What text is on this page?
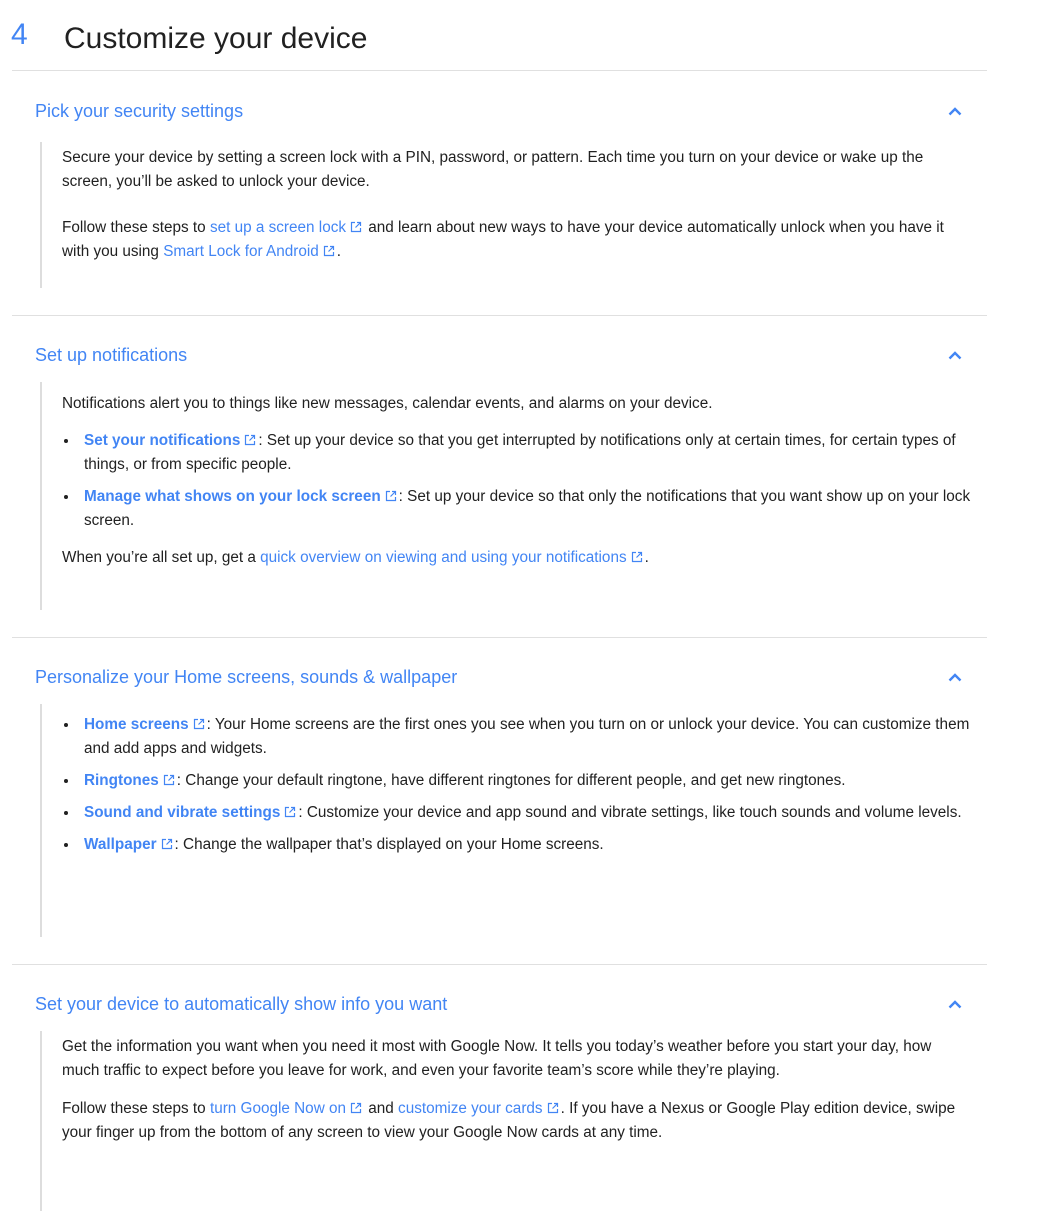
4 Customize your device
Pick your security settings

Secure your device by setting a screen lock with a PIN, password, or pattern. Each time you turn on your device or wake up the screen, you’ll be asked to unlock your device.

Follow these steps to set up a screen lock and learn about new ways to have your device automatically unlock when you have it with you using Smart Lock for Android .

Set up notifications

Notifications alert you to things like new messages, calendar events, and alarms on your device.

Set your notifications : Set up your device so that you get interrupted by notifications only at certain times, for certain types of things, or from specific people.
Manage what shows on your lock screen : Set up your device so that only the notifications that you want show up on your lock screen.

When you’re all set up, get a quick overview on viewing and using your notifications .

Personalize your Home screens, sounds & wallpaper
Home screens : Your Home screens are the first ones you see when you turn on or unlock your device. You can customize them and add apps and widgets.
Ringtones : Change your default ringtone, have different ringtones for different people, and get new ringtones.
Sound and vibrate settings : Customize your device and app sound and vibrate settings, like touch sounds and volume levels.
Wallpaper : Change the wallpaper that’s displayed on your Home screens.
Set your device to automatically show info you want

Get the information you want when you need it most with Google Now. It tells you today’s weather before you start your day, how much traffic to expect before you leave for work, and even your favorite team’s score while they’re playing.

Follow these steps to turn Google Now on and customize your cards . If you have a Nexus or Google Play edition device, swipe your finger up from the bottom of any screen to view your Google Now cards at any time.
